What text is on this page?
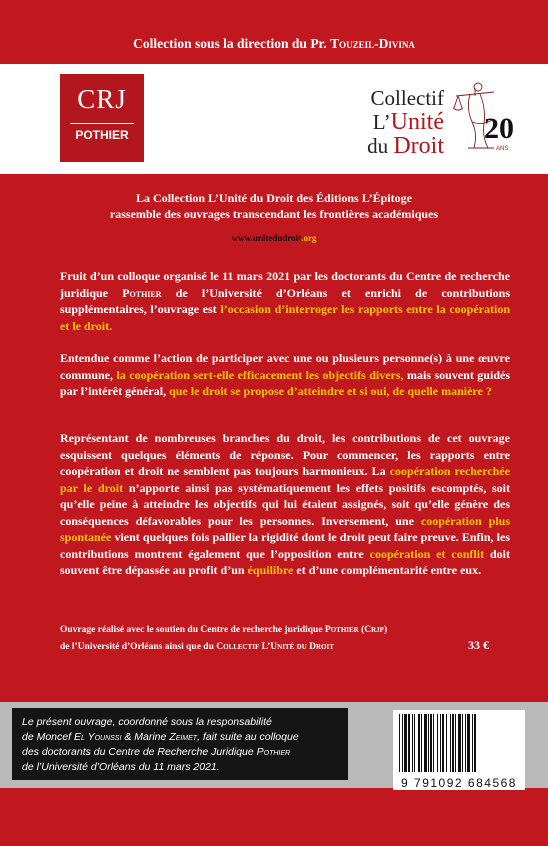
Collection sous la direction du Pr. Touzeil-Divina
CRJ
POTHIER
Collectif
L’Unité
du Droit
20
ANS
La Collection L’Unité du Droit des Éditions L’Épitoge
rassemble des ouvrages transcendant les frontières académiques
www.unitedudroit.org

Fruit d’un colloque organisé le 11 mars 2021 par les doctorants du Centre de recherche juridique Pothier de l’Université d’Orléans et enrichi de contributions supplémentaires, l’ouvrage est l’occasion d’interroger les rapports entre la coopération et le droit.

Entendue comme l’action de participer avec une ou plusieurs personne(s) à une œuvre commune, la coopération sert-elle efficacement les objectifs divers, mais souvent guidés par l’intérêt général, que le droit se propose d’atteindre et si oui, de quelle manière ?

Représentant de nombreuses branches du droit, les contributions de cet ouvrage esquissent quelques éléments de réponse. Pour commencer, les rapports entre coopération et droit ne semblent pas toujours harmonieux. La coopération recherchée par le droit n’apporte ainsi pas systématiquement les effets positifs escomptés, soit qu’elle peine à atteindre les objectifs qui lui étaient assignés, soit qu’elle génère des conséquences défavorables pour les personnes. Inversement, une coopération plus spontanée vient quelques fois pallier la rigidité dont le droit peut faire preuve. Enfin, les contributions montrent également que l’opposition entre coopération et conflit doit souvent être dépassée au profit d’un équilibre et d’une complémentarité entre eux.

Ouvrage réalisé avec le soutien du Centre de recherche juridique Pothier (Crjp)
de l’Université d’Orléans ainsi que du Collectif L’Unité du Droit	33 €
Le présent ouvrage, coordonné sous la responsabilité
de Moncef El Younssi & Marine Zeimet, fait suite au colloque
des doctorants du Centre de Recherche Juridique Pothier
de l’Université d’Orléans du 11 mars 2021.
9 791092 684568
